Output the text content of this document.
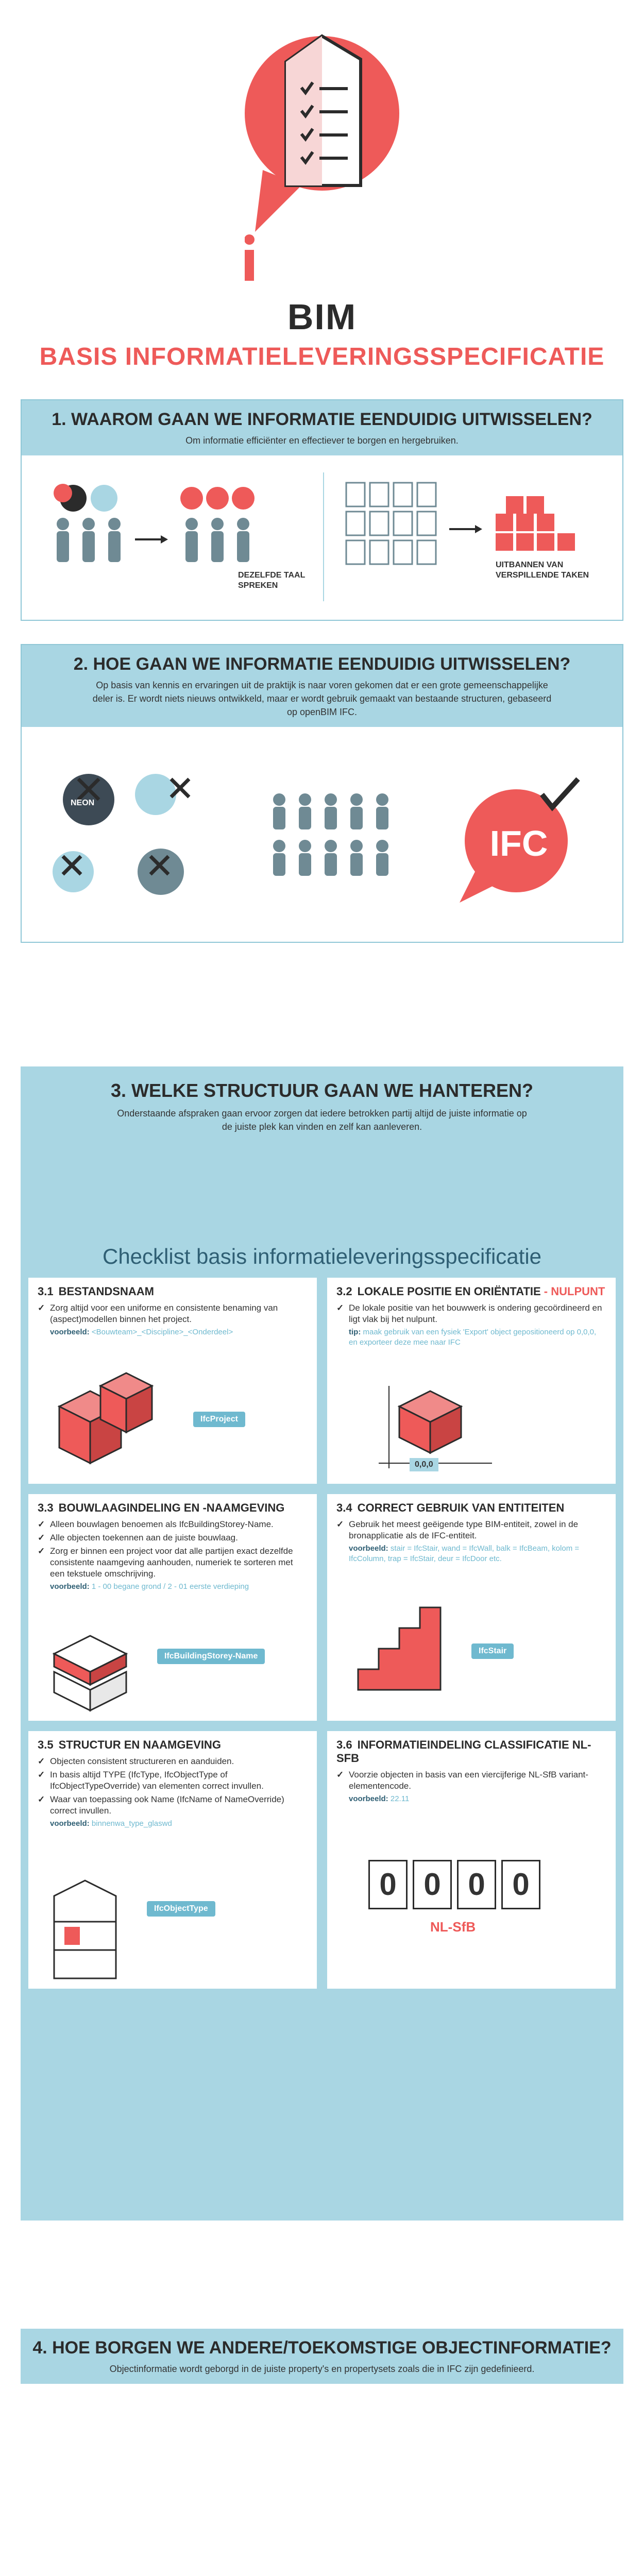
BIM
BASIS INFORMATIELEVERINGSSPECIFICATIE
1. WAAROM GAAN WE INFORMATIE EENDUIDIG UITWISSELEN?

Om informatie efficiënter en effectiever te borgen en hergebruiken.

DEZELFDE TAAL SPREKEN
UITBANNEN VAN VERSPILLENDE TAKEN
2. HOE GAAN WE INFORMATIE EENDUIDIG UITWISSELEN?

Op basis van kennis en ervaringen uit de praktijk is naar voren gekomen dat er een grote gemeenschappelijke deler is. Er wordt niets nieuws ontwikkeld, maar er wordt gebruik gemaakt van bestaande structuren, gebaseerd op openBIM IFC.

NEON
IFC
3. WELKE STRUCTUUR GAAN WE HANTEREN?
Onderstaande afspraken gaan ervoor zorgen dat iedere betrokken partij altijd de juiste informatie op de juiste plek kan vinden en zelf kan aanleveren.
Checklist basis informatieleveringsspecificatie
3.1 BESTANDSNAAM
✓ Zorg altijd voor een uniforme en consistente benaming van (aspect)modellen binnen het project.
voorbeeld: <Bouwteam>_<Discipline>_<Onderdeel>
IfcProject
3.2 LOKALE POSITIE EN ORIËNTATIE - NULPUNT
✓ De lokale positie van het bouwwerk is ondering gecoördineerd en ligt vlak bij het nulpunt.
tip: maak gebruik van een fysiek 'Export' object gepositioneerd op 0,0,0, en exporteer deze mee naar IFC
0,0,0
3.3 BOUWLAAGINDELING EN -NAAMGEVING
✓ Alleen bouwlagen benoemen als IfcBuildingStorey-Name.
✓ Alle objecten toekennen aan de juiste bouwlaag.
✓ Zorg er binnen een project voor dat alle partijen exact dezelfde consistente naamgeving aanhouden, numeriek te sorteren met een tekstuele omschrijving.
voorbeeld: 1 - 00 begane grond / 2 - 01 eerste verdieping
IfcBuildingStorey-Name
3.4 CORRECT GEBRUIK VAN ENTITEITEN
✓ Gebruik het meest geëigende type BIM-entiteit, zowel in de bronapplicatie als de IFC-entiteit.
voorbeeld: stair = IfcStair, wand = IfcWall, balk = IfcBeam, kolom = IfcColumn, trap = IfcStair, deur = IfcDoor etc.
IfcStair
3.5 STRUCTUR EN NAAMGEVING
✓ Objecten consistent structureren en aanduiden.
✓ In basis altijd TYPE (IfcType, IfcObjectType of IfcObjectTypeOverride) van elementen correct invullen.
✓ Waar van toepassing ook Name (IfcName of NameOverride) correct invullen.
voorbeeld: binnenwa_type_glaswd
IfcObjectType
3.6 INFORMATIEINDELING CLASSIFICATIE NL-SFB
✓ Voorzie objecten in basis van een viercijferige NL-SfB variant-elementencode.
voorbeeld: 22.11
0 0 0 0
NL-SfB
4. HOE BORGEN WE ANDERE/TOEKOMSTIGE OBJECTINFORMATIE?

Objectinformatie wordt geborgd in de juiste property's en propertysets zoals die in IFC zijn gedefinieerd.
